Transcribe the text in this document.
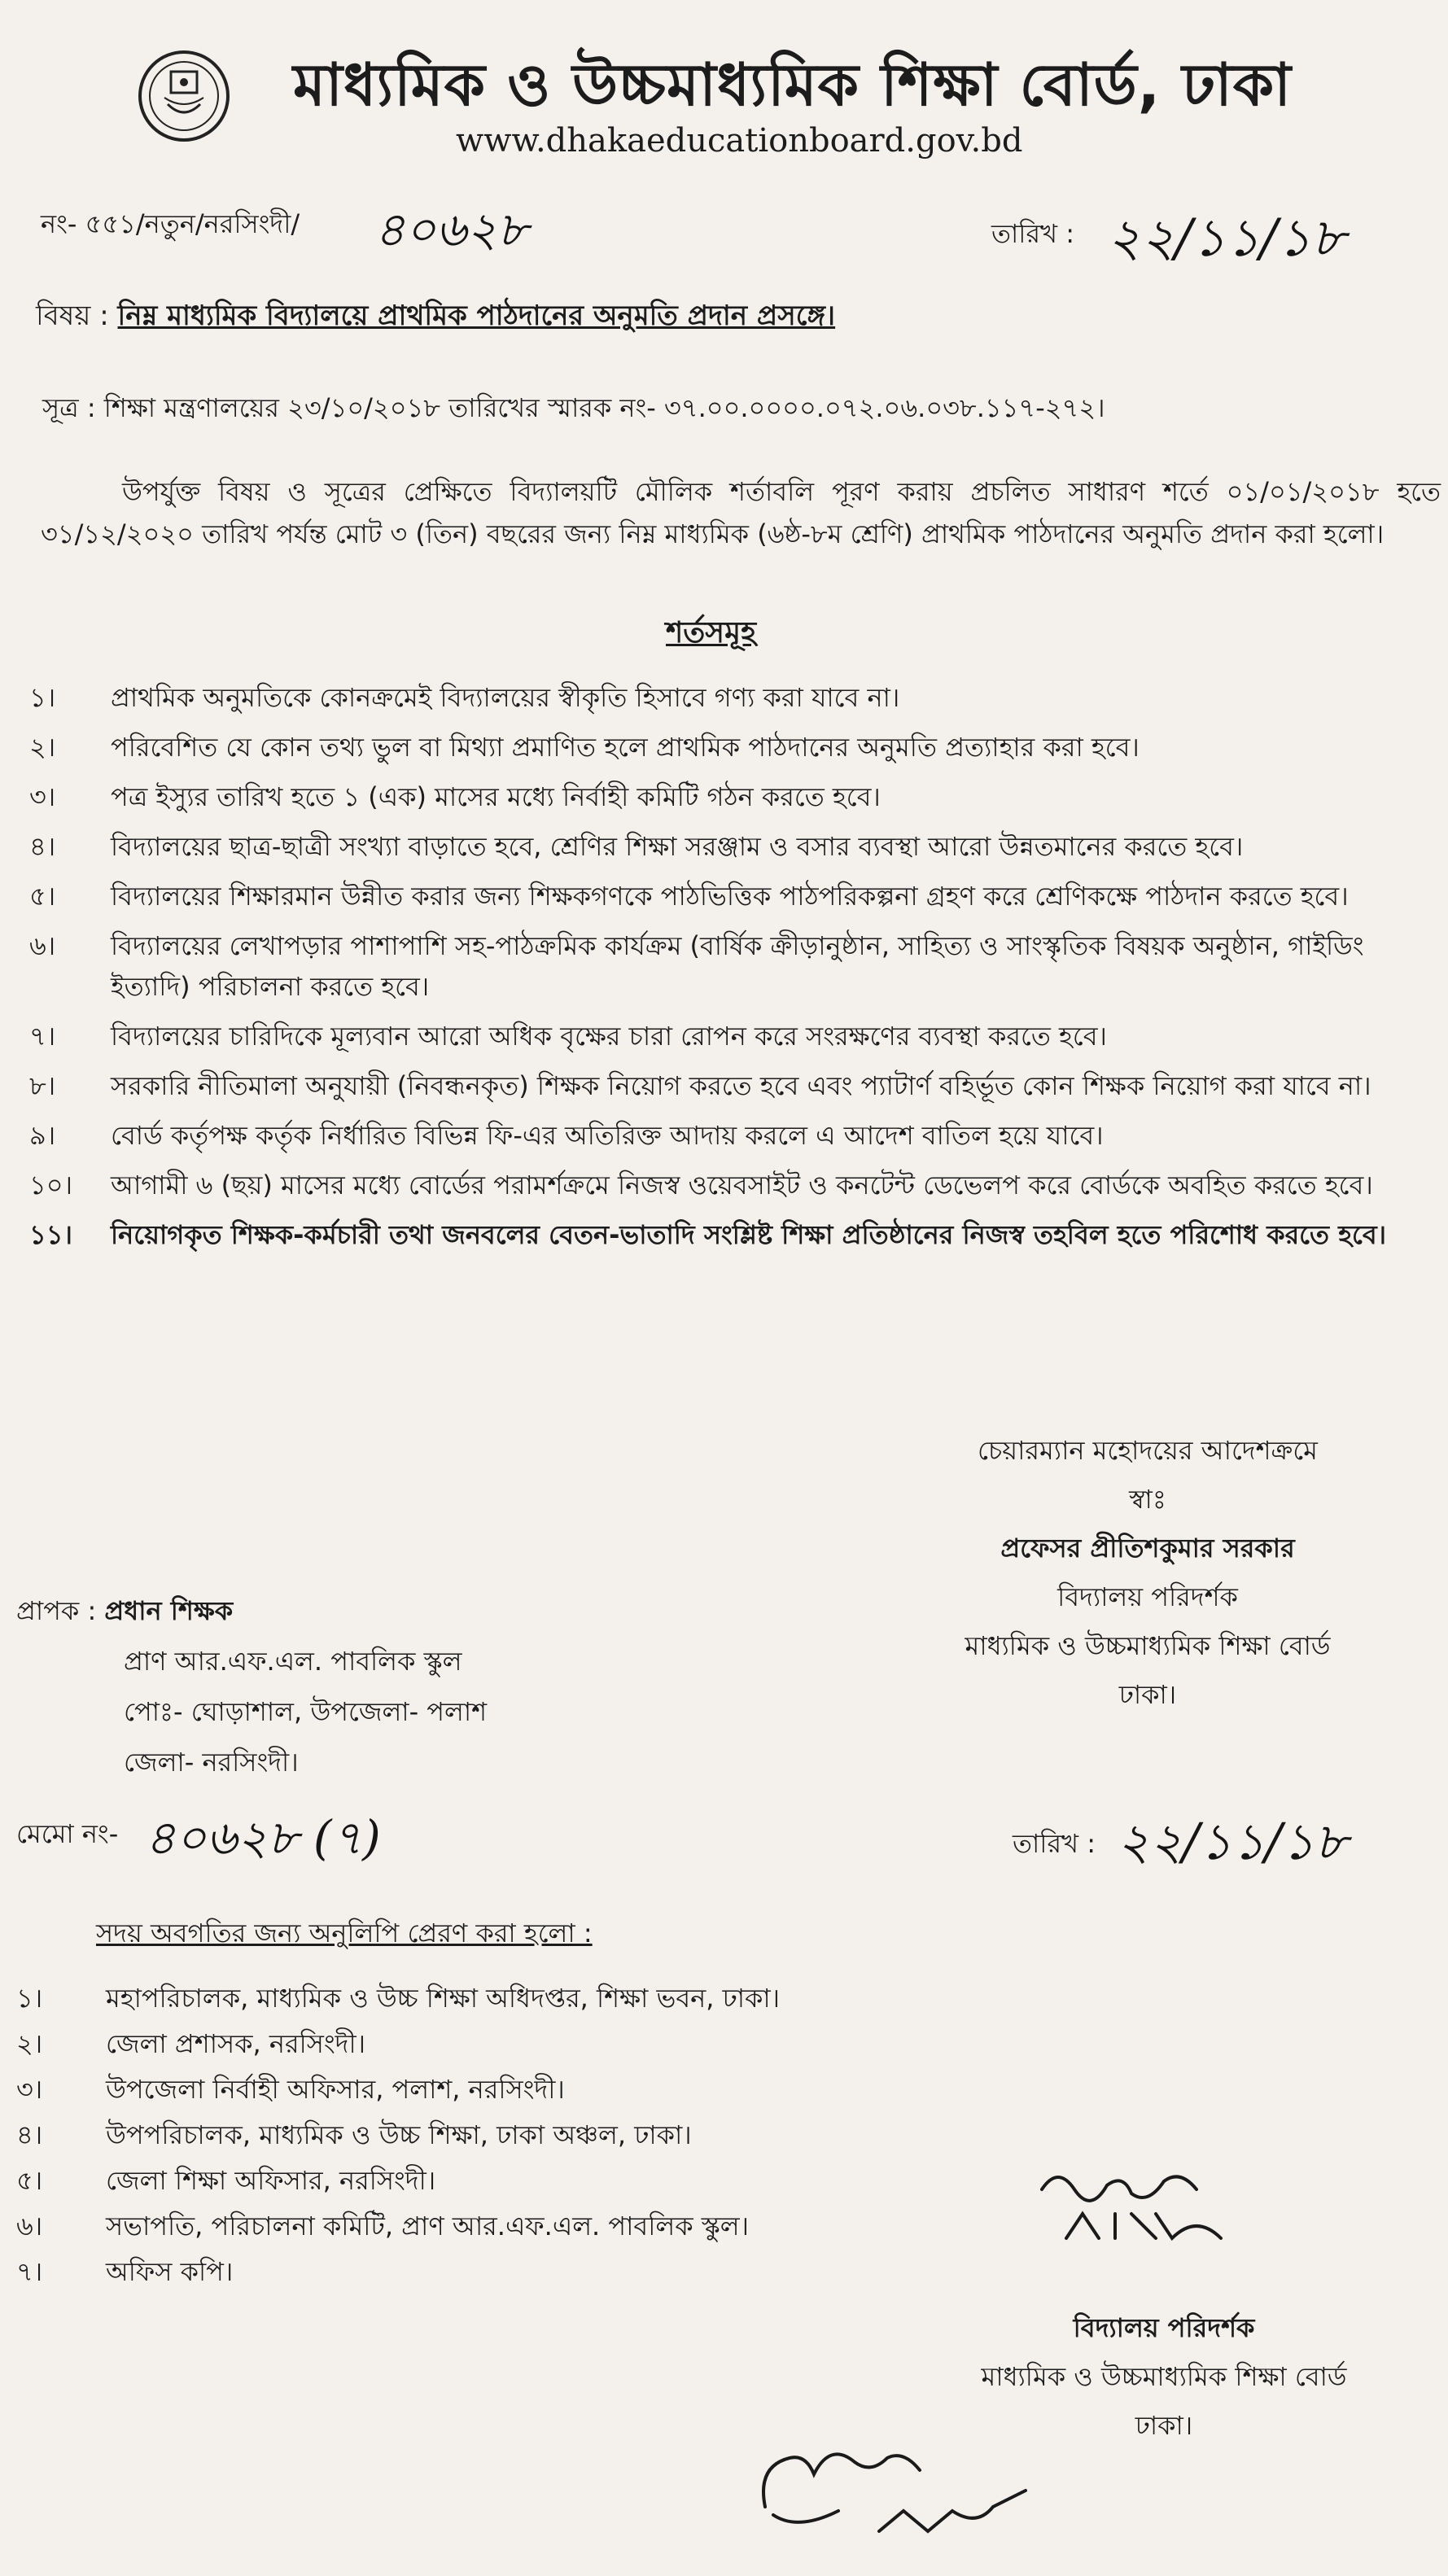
মাধ্যমিক ও উচ্চমাধ্যমিক শিক্ষা বোর্ড, ঢাকা
www.dhakaeducationboard.gov.bd
নং- ৫৫১/নতুন/নরসিংদী/ ৪০৬২৮	তারিখ : ২২/১১/১৮
বিষয় : নিম্ন মাধ্যমিক বিদ্যালয়ে প্রাথমিক পাঠদানের অনুমতি প্রদান প্রসঙ্গে।
সূত্র : শিক্ষা মন্ত্রণালয়ের ২৩/১০/২০১৮ তারিখের স্মারক নং- ৩৭.০০.০০০০.০৭২.০৬.০৩৮.১১৭-২৭২।
উপর্যুক্ত বিষয় ও সূত্রের প্রেক্ষিতে বিদ্যালয়টি মৌলিক শর্তাবলি পূরণ করায় প্রচলিত সাধারণ শর্তে ০১/০১/২০১৮ হতে ৩১/১২/২০২০ তারিখ পর্যন্ত মোট ৩ (তিন) বছরের জন্য নিম্ন মাধ্যমিক (৬ষ্ঠ-৮ম শ্রেণি) প্রাথমিক পাঠদানের অনুমতি প্রদান করা হলো।
শর্তসমূহ
১।	প্রাথমিক অনুমতিকে কোনক্রমেই বিদ্যালয়ের স্বীকৃতি হিসাবে গণ্য করা যাবে না।
২।	পরিবেশিত যে কোন তথ্য ভুল বা মিথ্যা প্রমাণিত হলে প্রাথমিক পাঠদানের অনুমতি প্রত্যাহার করা হবে।
৩।	পত্র ইস্যুর তারিখ হতে ১ (এক) মাসের মধ্যে নির্বাহী কমিটি গঠন করতে হবে।
৪।	বিদ্যালয়ের ছাত্র-ছাত্রী সংখ্যা বাড়াতে হবে, শ্রেণির শিক্ষা সরঞ্জাম ও বসার ব্যবস্থা আরো উন্নতমানের করতে হবে।
৫।	বিদ্যালয়ের শিক্ষারমান উন্নীত করার জন্য শিক্ষকগণকে পাঠভিত্তিক পাঠপরিকল্পনা গ্রহণ করে শ্রেণিকক্ষে পাঠদান করতে হবে।
৬।	বিদ্যালয়ের লেখাপড়ার পাশাপাশি সহ-পাঠক্রমিক কার্যক্রম (বার্ষিক ক্রীড়ানুষ্ঠান, সাহিত্য ও সাংস্কৃতিক বিষয়ক অনুষ্ঠান, গাইডিং ইত্যাদি) পরিচালনা করতে হবে।
৭।	বিদ্যালয়ের চারিদিকে মূল্যবান আরো অধিক বৃক্ষের চারা রোপন করে সংরক্ষণের ব্যবস্থা করতে হবে।
৮।	সরকারি নীতিমালা অনুযায়ী (নিবন্ধনকৃত) শিক্ষক নিয়োগ করতে হবে এবং প্যাটার্ণ বহির্ভূত কোন শিক্ষক নিয়োগ করা যাবে না।
৯।	বোর্ড কর্তৃপক্ষ কর্তৃক নির্ধারিত বিভিন্ন ফি-এর অতিরিক্ত আদায় করলে এ আদেশ বাতিল হয়ে যাবে।
১০।	আগামী ৬ (ছয়) মাসের মধ্যে বোর্ডের পরামর্শক্রমে নিজস্ব ওয়েবসাইট ও কনটেন্ট ডেভেলপ করে বোর্ডকে অবহিত করতে হবে।
১১।	নিয়োগকৃত শিক্ষক-কর্মচারী তথা জনবলের বেতন-ভাতাদি সংশ্লিষ্ট শিক্ষা প্রতিষ্ঠানের নিজস্ব তহবিল হতে পরিশোধ করতে হবে।
চেয়ারম্যান মহোদয়ের আদেশক্রমে
স্বাঃ
প্রফেসর প্রীতিশকুমার সরকার
বিদ্যালয় পরিদর্শক
মাধ্যমিক ও উচ্চমাধ্যমিক শিক্ষা বোর্ড
ঢাকা।
প্রাপক : প্রধান শিক্ষক
প্রাণ আর.এফ.এল. পাবলিক স্কুল
পোঃ- ঘোড়াশাল, উপজেলা- পলাশ
জেলা- নরসিংদী।
মেমো নং- ৪০৬২৮ (৭)	তারিখ : ২২/১১/১৮
সদয় অবগতির জন্য অনুলিপি প্রেরণ করা হলো :
১।	মহাপরিচালক, মাধ্যমিক ও উচ্চ শিক্ষা অধিদপ্তর, শিক্ষা ভবন, ঢাকা।
২।	জেলা প্রশাসক, নরসিংদী।
৩।	উপজেলা নির্বাহী অফিসার, পলাশ, নরসিংদী।
৪।	উপপরিচালক, মাধ্যমিক ও উচ্চ শিক্ষা, ঢাকা অঞ্চল, ঢাকা।
৫।	জেলা শিক্ষা অফিসার, নরসিংদী।
৬।	সভাপতি, পরিচালনা কমিটি, প্রাণ আর.এফ.এল. পাবলিক স্কুল।
৭।	অফিস কপি।
বিদ্যালয় পরিদর্শক
মাধ্যমিক ও উচ্চমাধ্যমিক শিক্ষা বোর্ড
ঢাকা।
